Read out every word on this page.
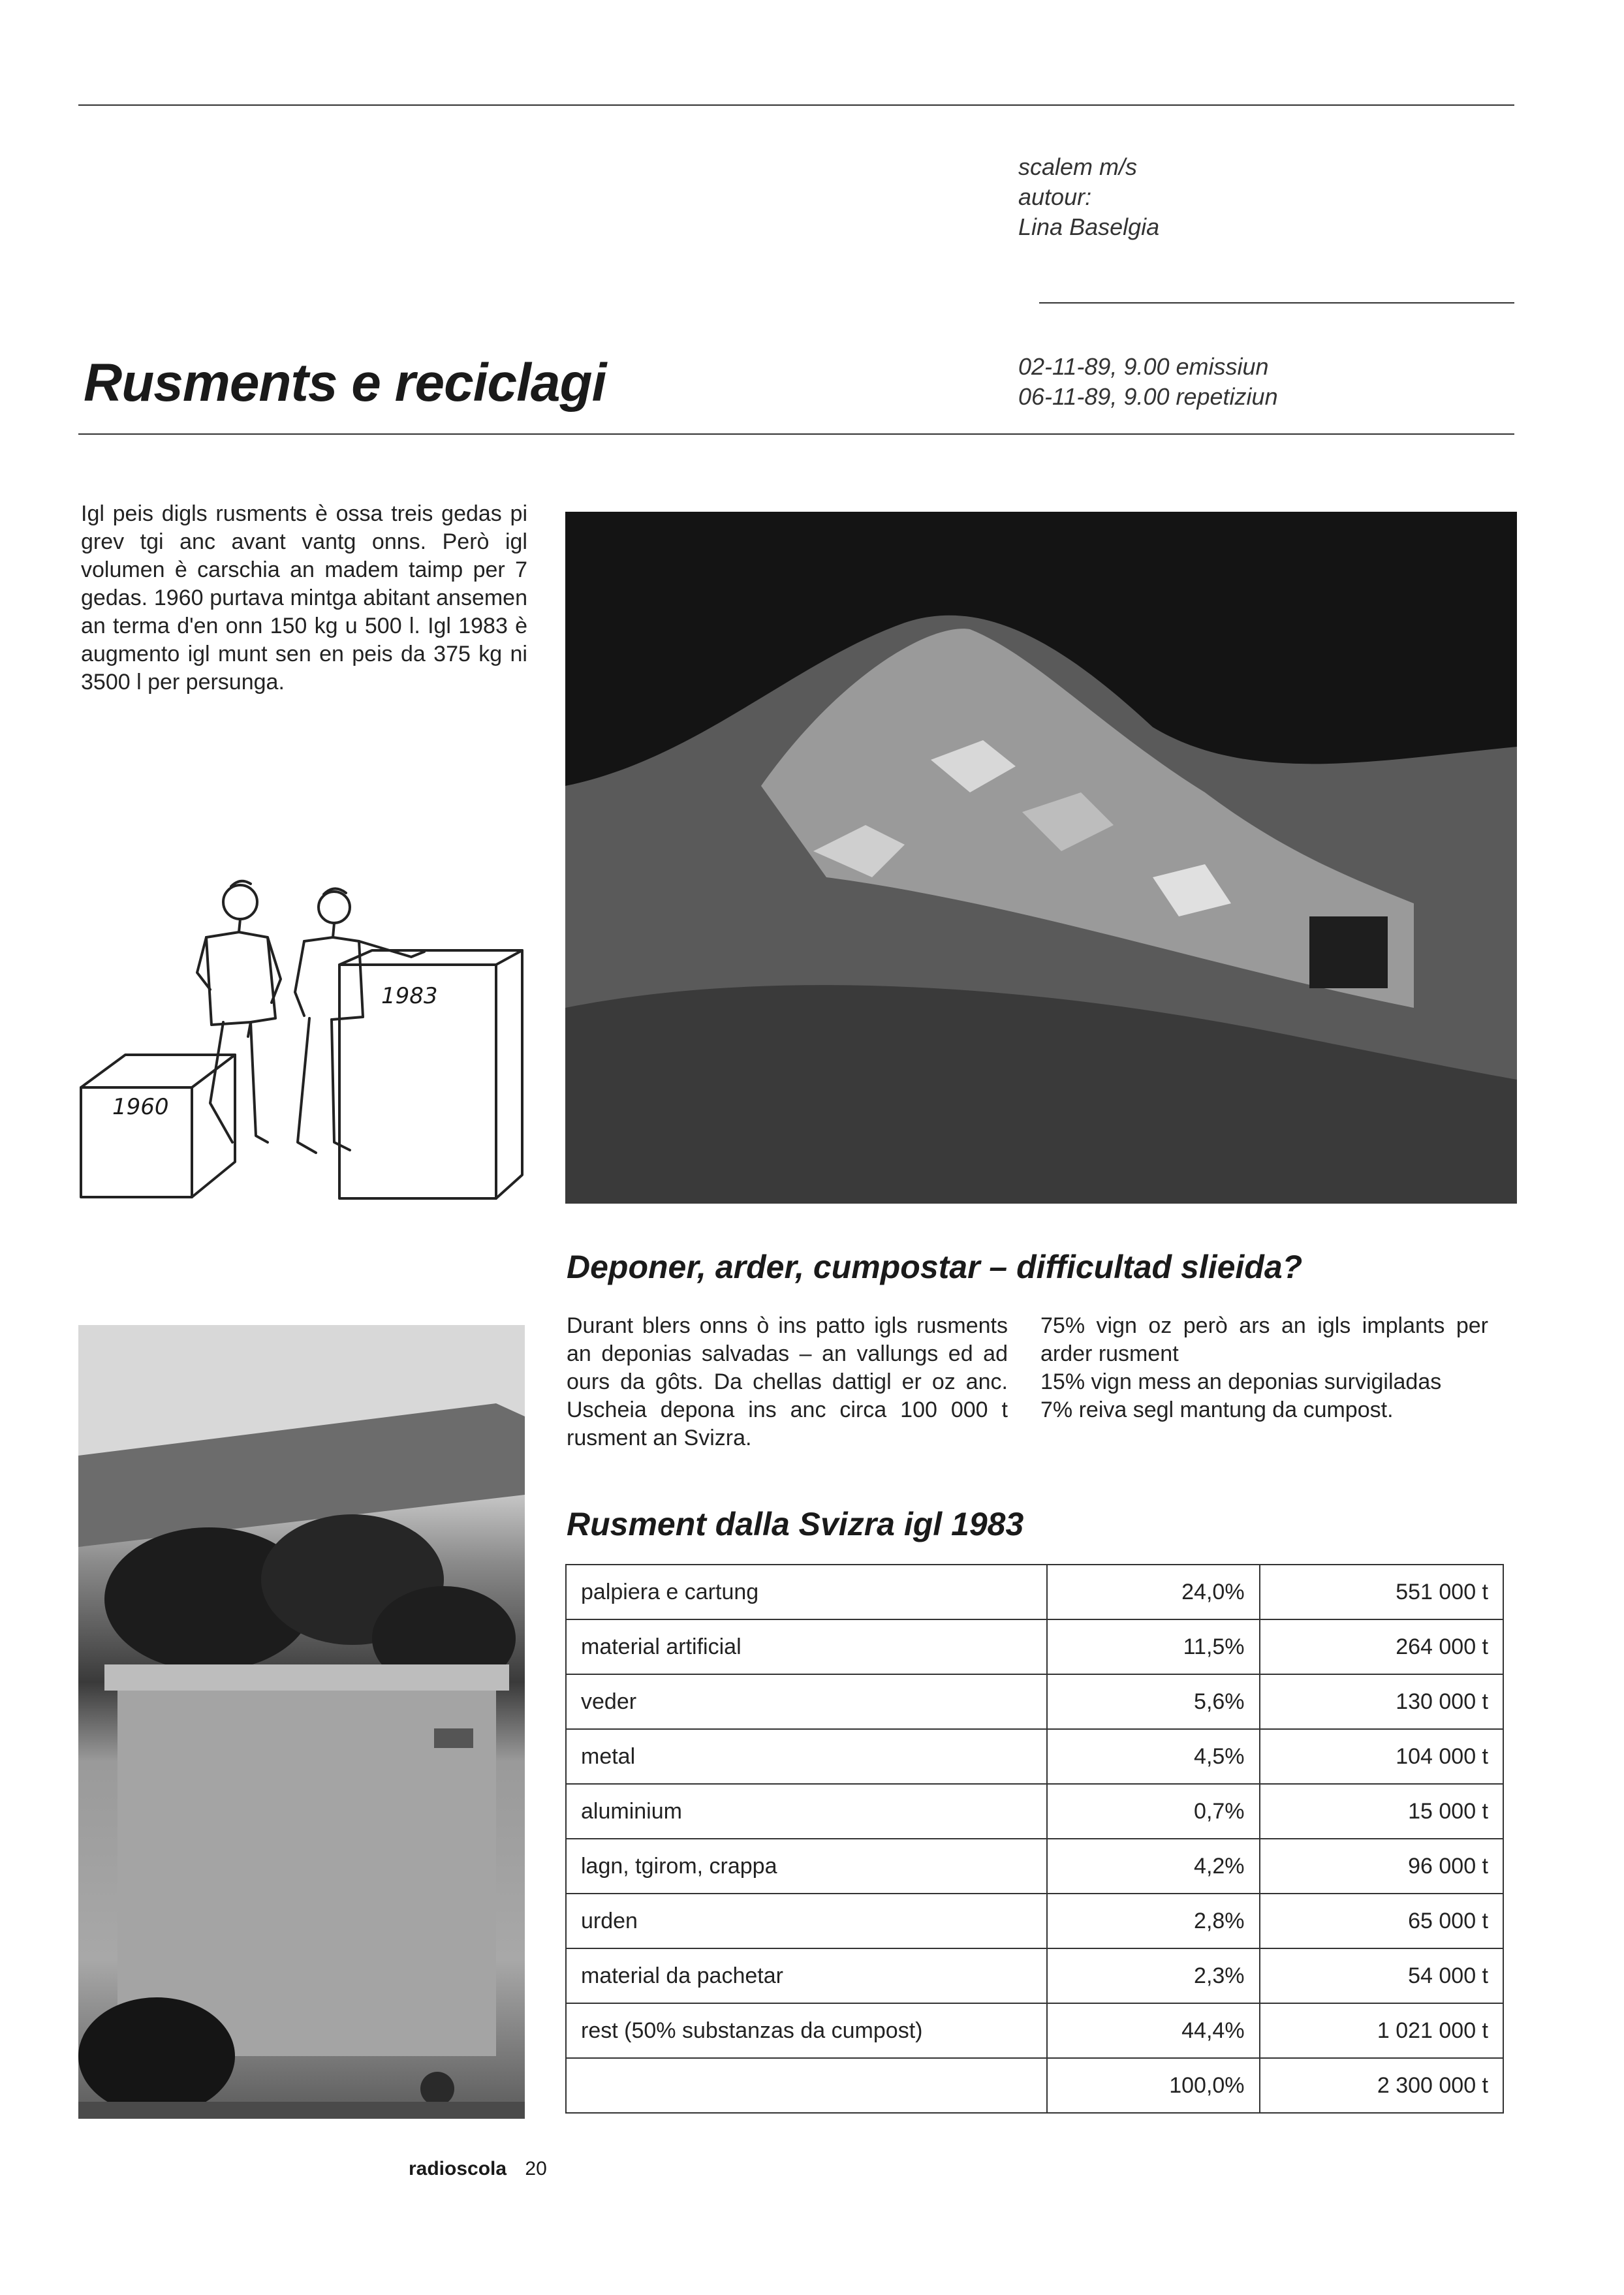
scalem m/s
autour:
Lina Baselgia
02-11-89, 9.00 emissiun
06-11-89, 9.00 repetiziun
Rusments e reciclagi
Igl peis digls rusments è ossa treis gedas pi grev tgi anc avant vantg onns. Però igl volumen è carschia an madem taimp per 7 gedas. 1960 purtava mintga abitant ansemen an terma d'en onn 150 kg u 500 l. Igl 1983 è augmento igl munt sen en peis da 375 kg ni 3500 l per persunga.
1960
1983
Deponer, arder, cumpostar – difficultad slieida?
Durant blers onns ò ins patto igls rusments an deponias salvadas – an vallungs ed ad ours da gôts. Da chellas dattigl er oz anc. Uscheia depona ins anc circa 100 000 t rusment an Svizra.
75% vign oz però ars an igls implants per arder rusment
15% vign mess an deponias survigiladas
7% reiva segl mantung da cumpost.
Rusment dalla Svizra igl 1983
palpiera e cartung	24,0%	551 000 t
material artificial	11,5%	264 000 t
veder	5,6%	130 000 t
metal	4,5%	104 000 t
aluminium	0,7%	15 000 t
lagn, tgirom, crappa	4,2%	96 000 t
urden	2,8%	65 000 t
material da pachetar	2,3%	54 000 t
rest (50% substanzas da cumpost)	44,4%	1 021 000 t
	100,0%	2 300 000 t
radioscola 20
